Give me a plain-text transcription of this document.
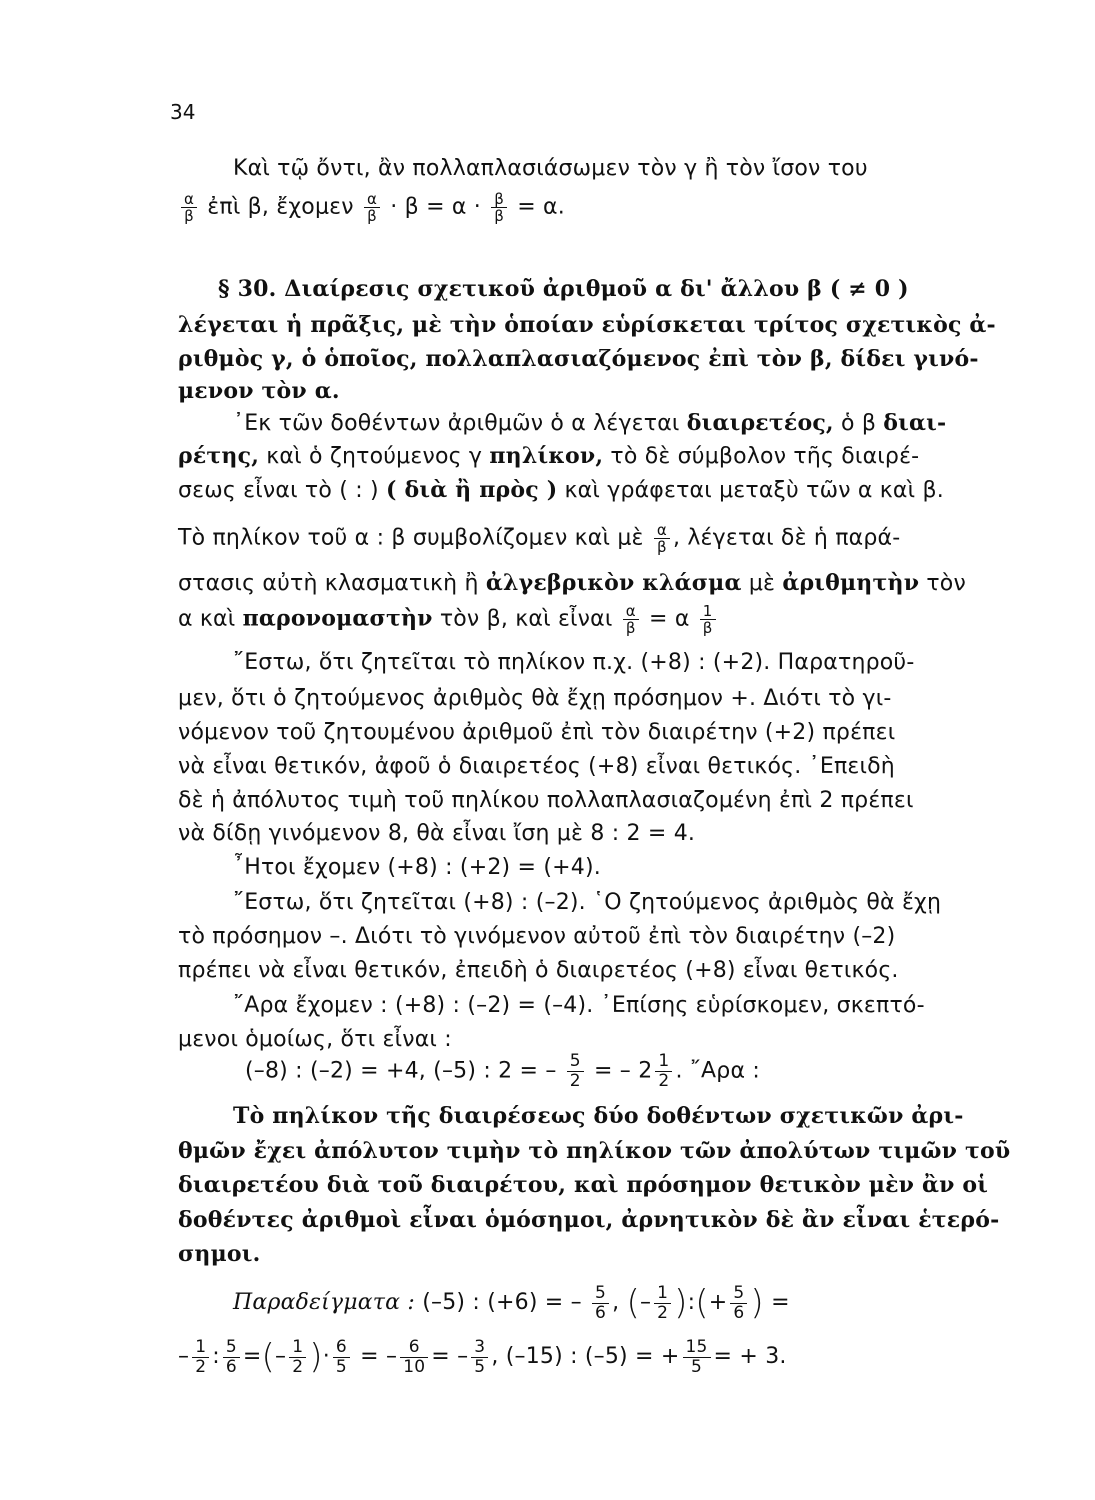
34
Καὶ τῷ ὄντι, ἂν πολλαπλασιάσωμεν τὸν γ ἢ τὸν ἴσον του
$\frac{\alpha}{\beta}$ ἐπὶ β, ἔχομεν $\frac{\alpha}{\beta} \cdot \beta = \alpha \cdot \frac{\beta}{\beta} = \alpha$.
§ 30. Διαίρεσις σχετικοῦ ἀριθμοῦ α δι' ἄλλου β ( ≠ 0 )
λέγεται ἡ πρᾶξις, μὲ τὴν ὁποίαν εὑρίσκεται τρίτος σχετικὸς ἀ-
ριθμὸς γ, ὁ ὁποῖος, πολλαπλασιαζόμενος ἐπὶ τὸν β, δίδει γινό-
μενον τὸν α.
᾿Εκ τῶν δοθέντων ἀριθμῶν ὁ α λέγεται διαιρετέος, ὁ β διαι-
ρέτης, καὶ ὁ ζητούμενος γ πηλίκον, τὸ δὲ σύμβολον τῆς διαιρέ-
σεως εἶναι τὸ ( : ) ( διὰ ἢ πρὸς ) καὶ γράφεται μεταξὺ τῶν α καὶ β.
Τὸ πηλίκον τοῦ α : β συμβολίζομεν καὶ μὲ $\frac{\alpha}{\beta}$ , λέγεται δὲ ἡ παρά-
στασις αὐτὴ κλασματικὴ ἢ ἀλγεβρικὸν κλάσμα μὲ ἀριθμητὴν τὸν
α καὶ παρονομαστὴν τὸν β, καὶ εἶναι $\frac{\alpha}{\beta} = \alpha \frac{1}{\beta}$
῎Εστω, ὅτι ζητεῖται τὸ πηλίκον π.χ. (+8) : (+2). Παρατηροῦ-
μεν, ὅτι ὁ ζητούμενος ἀριθμὸς θὰ ἔχῃ πρόσημον +. Διότι τὸ γι-
νόμενον τοῦ ζητουμένου ἀριθμοῦ ἐπὶ τὸν διαιρέτην (+2) πρέπει
νὰ εἶναι θετικόν, ἀφοῦ ὁ διαιρετέος (+8) εἶναι θετικός. ᾿Επειδὴ
δὲ ἡ ἀπόλυτος τιμὴ τοῦ πηλίκου πολλαπλασιαζομένη ἐπὶ 2 πρέπει
νὰ δίδῃ γινόμενον 8, θὰ εἶναι ἴση μὲ 8 : 2 = 4.
῏Ητοι ἔχομεν (+8) : (+2) = (+4).
῎Εστω, ὅτι ζητεῖται (+8) : (–2). ῾Ο ζητούμενος ἀριθμὸς θὰ ἔχῃ
τὸ πρόσημον –. Διότι τὸ γινόμενον αὐτοῦ ἐπὶ τὸν διαιρέτην (–2)
πρέπει νὰ εἶναι θετικόν, ἐπειδὴ ὁ διαιρετέος (+8) εἶναι θετικός.
῎Αρα ἔχομεν : (+8) : (–2) = (–4). ᾿Επίσης εὑρίσκομεν, σκεπτό-
μενοι ὁμοίως, ὅτι εἶναι :
(–8) : (–2) = +4, (–5) : 2 = – $\frac{5}{2}$ = – $2 \frac{1}{2}$ . ῎Αρα :
Τὸ πηλίκον τῆς διαιρέσεως δύο δοθέντων σχετικῶν ἀρι-
θμῶν ἔχει ἀπόλυτον τιμὴν τὸ πηλίκον τῶν ἀπολύτων τιμῶν τοῦ
διαιρετέου διὰ τοῦ διαιρέτου, καὶ πρόσημον θετικὸν μὲν ἂν οἱ
δοθέντες ἀριθμοὶ εἶναι ὁμόσημοι, ἀρνητικὸν δὲ ἂν εἶναι ἑτερό-
σημοι.
Παραδείγματα : (–5) : (+6) = – $\frac{5}{6}$ , (– $\frac{1}{2}$ ):(+ $\frac{5}{6}$ ) =
– $\frac{1}{2}$ : $\frac{5}{6}$ =(– $\frac{1}{2}$ )· $\frac{6}{5}$ = – $\frac{6}{10}$ = – $\frac{3}{5}$ , (–15) : (–5) = + $\frac{15}{5}$ = + 3.
